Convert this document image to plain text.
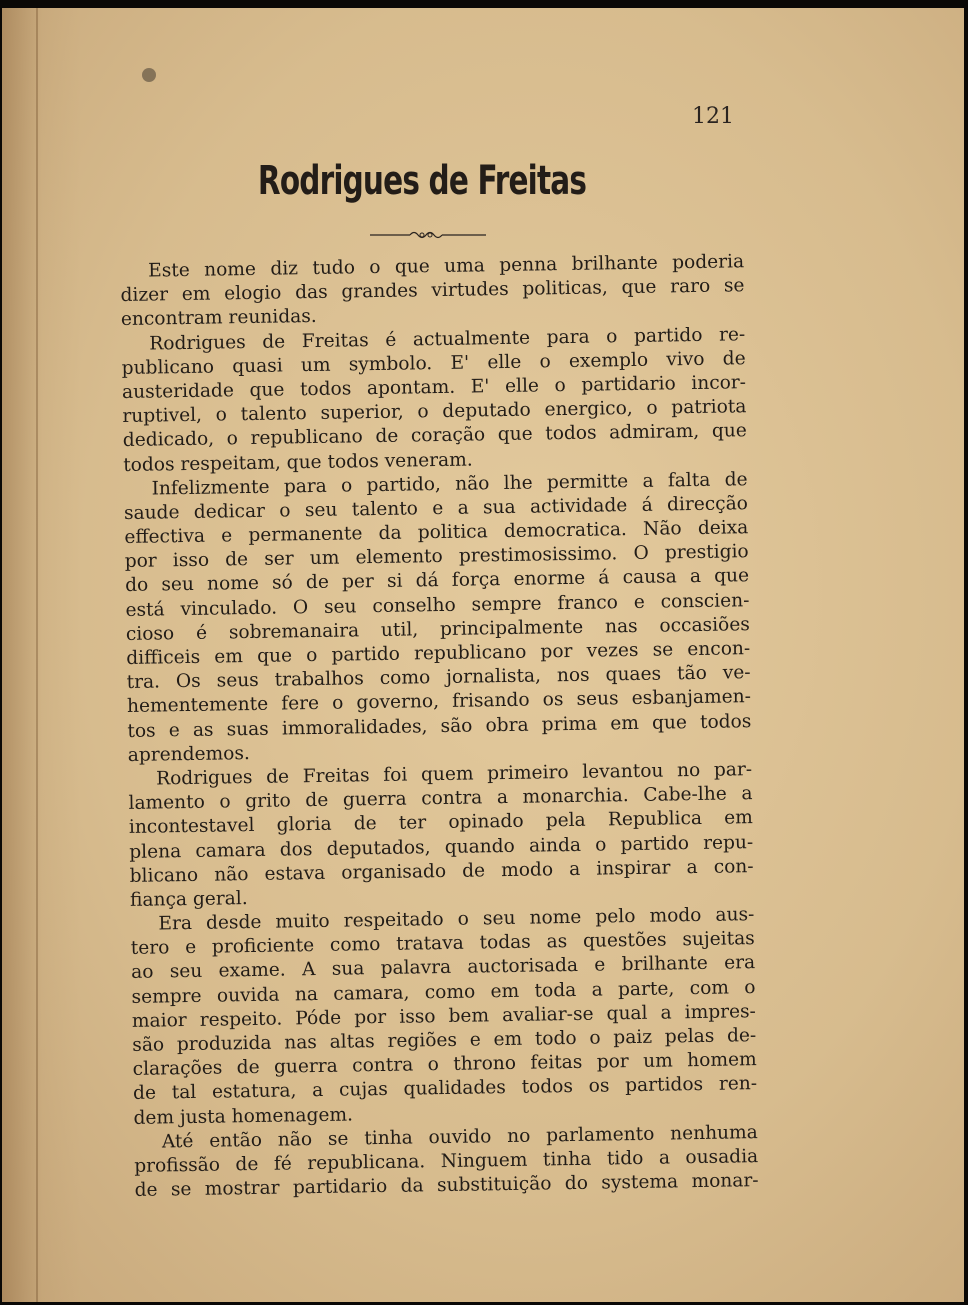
121
Rodrigues de Freitas
Este nome diz tudo o que uma penna brilhante poderia
dizer em elogio das grandes virtudes politicas, que raro se
encontram reunidas.
Rodrigues de Freitas é actualmente para o partido re-
publicano quasi um symbolo. E' elle o exemplo vivo de
austeridade que todos apontam. E' elle o partidario incor-
ruptivel, o talento superior, o deputado energico, o patriota
dedicado, o republicano de coração que todos admiram, que
todos respeitam, que todos veneram.
Infelizmente para o partido, não lhe permitte a falta de
saude dedicar o seu talento e a sua actividade á direcção
effectiva e permanente da politica democratica. Não deixa
por isso de ser um elemento prestimosissimo. O prestigio
do seu nome só de per si dá força enorme á causa a que
está vinculado. O seu conselho sempre franco e conscien-
cioso é sobremanaira util, principalmente nas occasiões
difficeis em que o partido republicano por vezes se encon-
tra. Os seus trabalhos como jornalista, nos quaes tão ve-
hementemente fere o governo, frisando os seus esbanjamen-
tos e as suas immoralidades, são obra prima em que todos
aprendemos.
Rodrigues de Freitas foi quem primeiro levantou no par-
lamento o grito de guerra contra a monarchia. Cabe-lhe a
incontestavel gloria de ter opinado pela Republica em
plena camara dos deputados, quando ainda o partido repu-
blicano não estava organisado de modo a inspirar a con-
fiança geral.
Era desde muito respeitado o seu nome pelo modo aus-
tero e proficiente como tratava todas as questões sujeitas
ao seu exame. A sua palavra auctorisada e brilhante era
sempre ouvida na camara, como em toda a parte, com o
maior respeito. Póde por isso bem avaliar-se qual a impres-
são produzida nas altas regiões e em todo o paiz pelas de-
clarações de guerra contra o throno feitas por um homem
de tal estatura, a cujas qualidades todos os partidos ren-
dem justa homenagem.
Até então não se tinha ouvido no parlamento nenhuma
profissão de fé republicana. Ninguem tinha tido a ousadia
de se mostrar partidario da substituição do systema monar-
